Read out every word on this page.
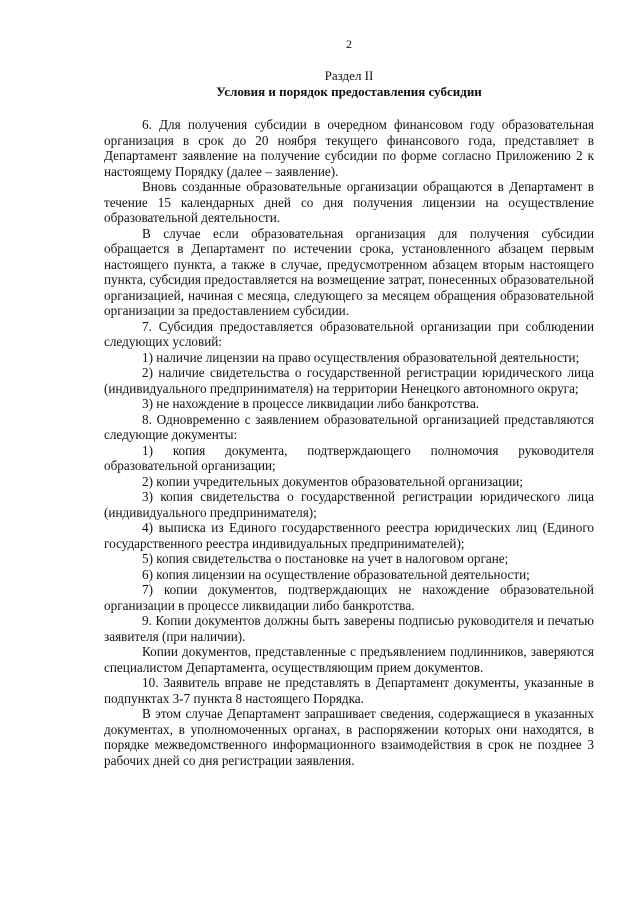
2
Раздел II
Условия и порядок предоставления субсидии

6. Для получения субсидии в очередном финансовом году образовательная организация в срок до 20 ноября текущего финансового года, представляет в Департамент заявление на получение субсидии по форме согласно Приложению 2 к настоящему Порядку (далее – заявление).

Вновь созданные образовательные организации обращаются в Департамент в течение 15 календарных дней со дня получения лицензии на осуществление образовательной деятельности.

В случае если образовательная организация для получения субсидии обращается в Департамент по истечении срока, установленного абзацем первым настоящего пункта, а также в случае, предусмотренном абзацем вторым настоящего пункта, субсидия предоставляется на возмещение затрат, понесенных образовательной организацией, начиная с месяца, следующего за месяцем обращения образовательной организации за предоставлением субсидии.

7. Субсидия предоставляется образовательной организации при соблюдении следующих условий:

1) наличие лицензии на право осуществления образовательной деятельности;

2) наличие свидетельства о государственной регистрации юридического лица (индивидуального предпринимателя) на территории Ненецкого автономного округа;

3) не нахождение в процессе ликвидации либо банкротства.

8. Одновременно с заявлением образовательной организацией представляются следующие документы:

1) копия документа, подтверждающего полномочия руководителя образовательной организации;

2) копии учредительных документов образовательной организации;

3) копия свидетельства о государственной регистрации юридического лица (индивидуального предпринимателя);

4) выписка из Единого государственного реестра юридических лиц (Единого государственного реестра индивидуальных предпринимателей);

5) копия свидетельства о постановке на учет в налоговом органе;

6) копия лицензии на осуществление образовательной деятельности;

7) копии документов, подтверждающих не нахождение образовательной организации в процессе ликвидации либо банкротства.

9. Копии документов должны быть заверены подписью руководителя и печатью заявителя (при наличии).

Копии документов, представленные с предъявлением подлинников, заверяются специалистом Департамента, осуществляющим прием документов.

10. Заявитель вправе не представлять в Департамент документы, указанные в подпунктах 3-7 пункта 8 настоящего Порядка.

В этом случае Департамент запрашивает сведения, содержащиеся в указанных документах, в уполномоченных органах, в распоряжении которых они находятся, в порядке межведомственного информационного взаимодействия в срок не позднее 3 рабочих дней со дня регистрации заявления.
